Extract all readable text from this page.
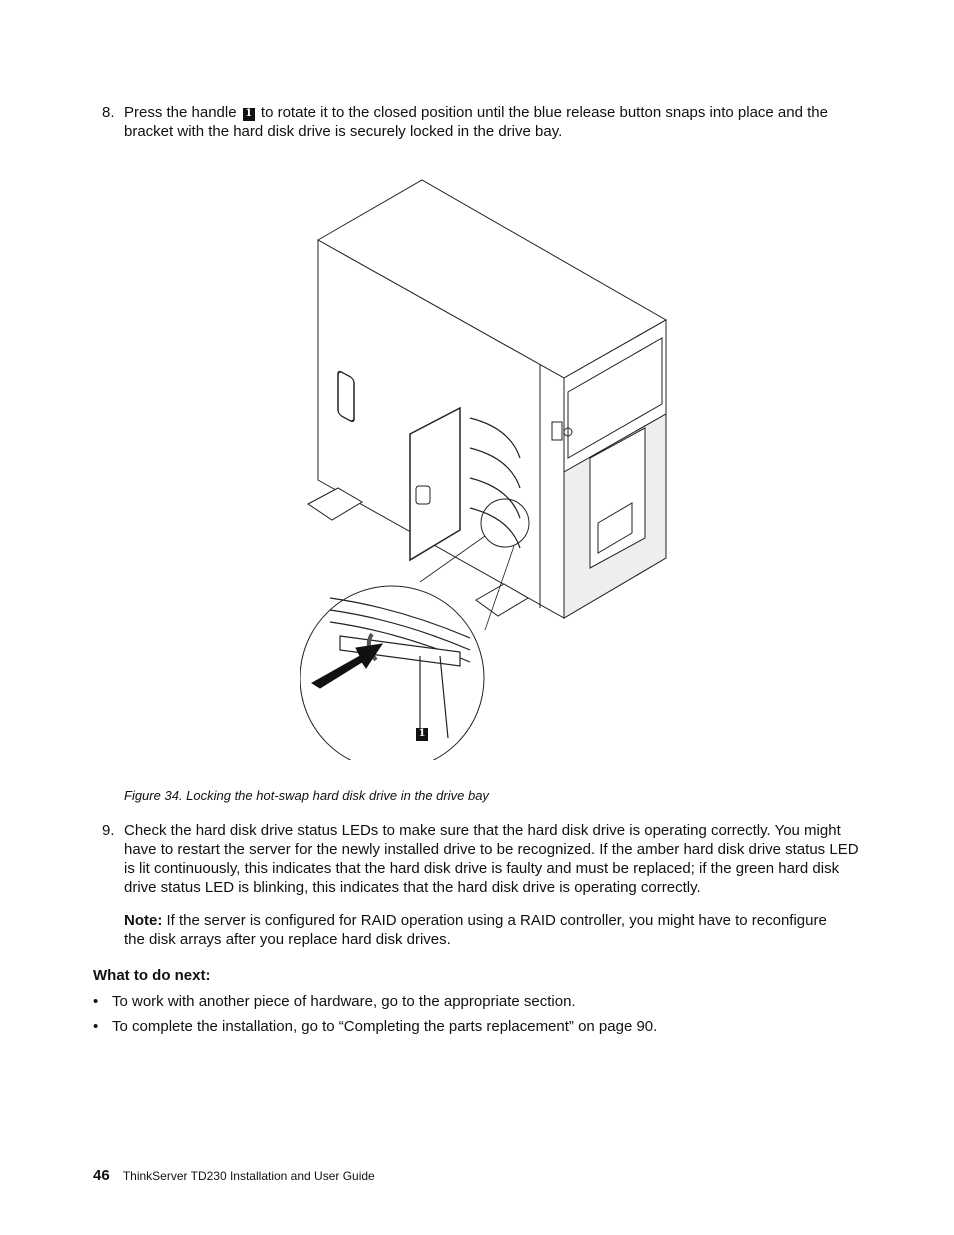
8. Press the handle 1 to rotate it to the closed position until the blue release button snaps into place and the bracket with the hard disk drive is securely locked in the drive bay.
1
Figure 34. Locking the hot-swap hard disk drive in the drive bay
9. Check the hard disk drive status LEDs to make sure that the hard disk drive is operating correctly. You might have to restart the server for the newly installed drive to be recognized. If the amber hard disk drive status LED is lit continuously, this indicates that the hard disk drive is faulty and must be replaced; if the green hard disk drive status LED is blinking, this indicates that the hard disk drive is operating correctly.
Note: If the server is configured for RAID operation using a RAID controller, you might have to reconfigure the disk arrays after you replace hard disk drives.
What to do next:
• To work with another piece of hardware, go to the appropriate section.
• To complete the installation, go to “Completing the parts replacement” on page 90.
46 ThinkServer TD230 Installation and User Guide
